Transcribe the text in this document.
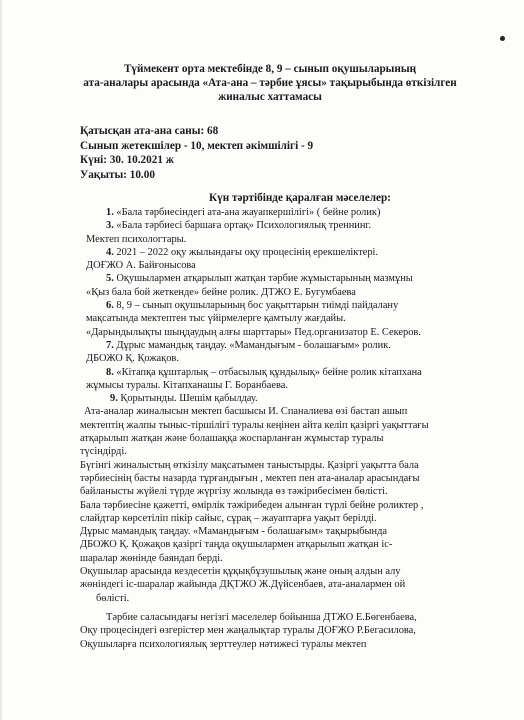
Түймекент орта мектебінде 8, 9 – сынып оқушыларының
ата-аналары арасында «Ата-ана – тәрбие ұясы» тақырыбында өткізілген
жиналыс хаттамасы
Қатысқан ата-ана саны: 68
Сынып жетекшілер - 10, мектеп әкімшілігі - 9
Күні: 30. 10.2021 ж
Уақыты: 10.00
Күн тәртібінде қаралған мәселелер:
1. «Бала тәрбиесіндегі ата-ана жауапкершілігі» ( бейне ролик)
3. «Бала тәрбиесі баршаға ортақ» Психологиялық треннинг.
Мектеп психологтары.
4. 2021 – 2022 оқу жылындағы оқу процесінің ерекшеліктері.
ДОҒЖО А. Байғонысова
5. Оқушылармен атқарылып жатқан тәрбие жұмыстарының мазмұны
«Қыз бала бой жеткенде» бейне ролик. ДТЖО Е. Бугумбаева
6. 8, 9 – сынып оқушыларының бос уақыттарын тиімді пайдалану
мақсатында мектептен тыс үйірмелерге қамтылу жағдайы.
«Дарындылықты шыңдаудың алғы шарттары» Пед.организатор Е. Секеров.
7. Дұрыс мамандық таңдау. «Мамандығым - болашағым» ролик.
ДБОЖО Қ. Қожақов.
8. «Кітапқа құштарлық – отбасылық құндылық» бейне ролик кітапхана
жұмысы туралы. Кітапханашы Г. Боранбаева.
9. Қорытынды. Шешім қабылдау.
Ата-аналар жиналысын мектеп басшысы И. Спаналиева өзі бастап ашып
мектептің жалпы тыныс-тіршілігі туралы кеңінен айта келіп қазіргі уақыттағы
атқарылып жатқан және болашаққа жоспарланған жұмыстар туралы
түсіндірді.
Бүгінгі жиналыстың өткізілу мақсатымен таныстырды. Қазіргі уақытта бала
тәрбиесінің басты назарда тұрғандығын , мектеп пен ата-аналар арасындағы
байланысты жүйелі түрде жүргізу жолында өз тәжірибесімен бөлісті.
Бала тәрбиесіне қажетті, өмірлік тәжірибеден алынған түрлі бейне роликтер ,
слайдтар көрсетіліп пікір сайыс, сұрақ – жауаптарға уақыт берілді.
Дұрыс мамандық таңдау. «Мамандығым - болашағым» тақырыбында
ДБОЖО Қ. Қожақов қазіргі таңда оқушылармен атқарылып жатқан іс-
шаралар жөнінде баяндап берді.
Оқушылар арасында кездесетін құқықбұзушылық және оның алдын алу
жөніндегі іс-шаралар жайында ДҚТЖО Ж.Дүйсенбаев, ата-аналармен ой
бөлісті.
Тәрбие саласындағы негізгі мәселелер бойынша ДТЖО Е.Бөгенбаева,
Оқу процесіндегі өзгерістер мен жаңалықтар туралы ДОҒЖО Р.Бегасилова,
Оқушыларға психологиялық зерттеулер нәтижесі туралы мектеп
